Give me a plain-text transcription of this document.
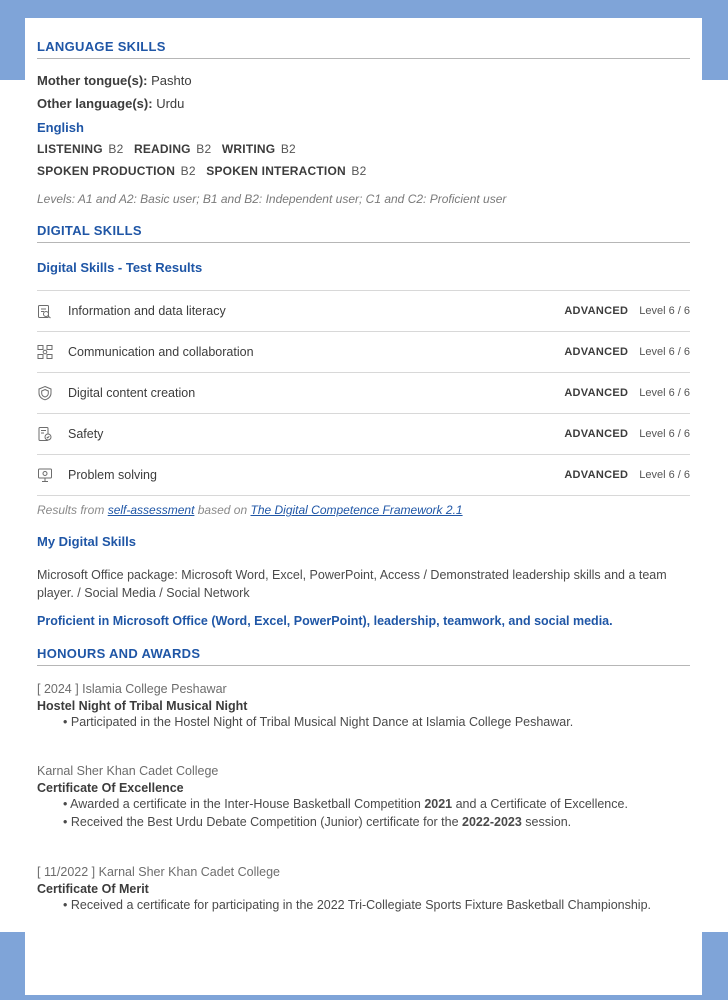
LANGUAGE SKILLS
Mother tongue(s): Pashto
Other language(s): Urdu
English
LISTENING B2 READING B2 WRITING B2
SPOKEN PRODUCTION B2 SPOKEN INTERACTION B2
Levels: A1 and A2: Basic user; B1 and B2: Independent user; C1 and C2: Proficient user
DIGITAL SKILLS
Digital Skills - Test Results
Information and data literacy	ADVANCED Level 6 / 6
Communication and collaboration	ADVANCED Level 6 / 6
Digital content creation	ADVANCED Level 6 / 6
Safety	ADVANCED Level 6 / 6
Problem solving	ADVANCED Level 6 / 6
Results from self-assessment based on The Digital Competence Framework 2.1
My Digital Skills
Microsoft Office package: Microsoft Word, Excel, PowerPoint, Access / Demonstrated leadership skills and a team
player. / Social Media / Social Network
Proficient in Microsoft Office (Word, Excel, PowerPoint), leadership, teamwork, and social media.
HONOURS AND AWARDS
[ 2024 ] Islamia College Peshawar
Hostel Night of Tribal Musical Night
• Participated in the Hostel Night of Tribal Musical Night Dance at Islamia College Peshawar.
Karnal Sher Khan Cadet College
Certificate Of Excellence
• Awarded a certificate in the Inter-House Basketball Competition 2021 and a Certificate of Excellence.
• Received the Best Urdu Debate Competition (Junior) certificate for the 2022-2023 session.
[ 11/2022 ] Karnal Sher Khan Cadet College
Certificate Of Merit
• Received a certificate for participating in the 2022 Tri-Collegiate Sports Fixture Basketball Championship.
